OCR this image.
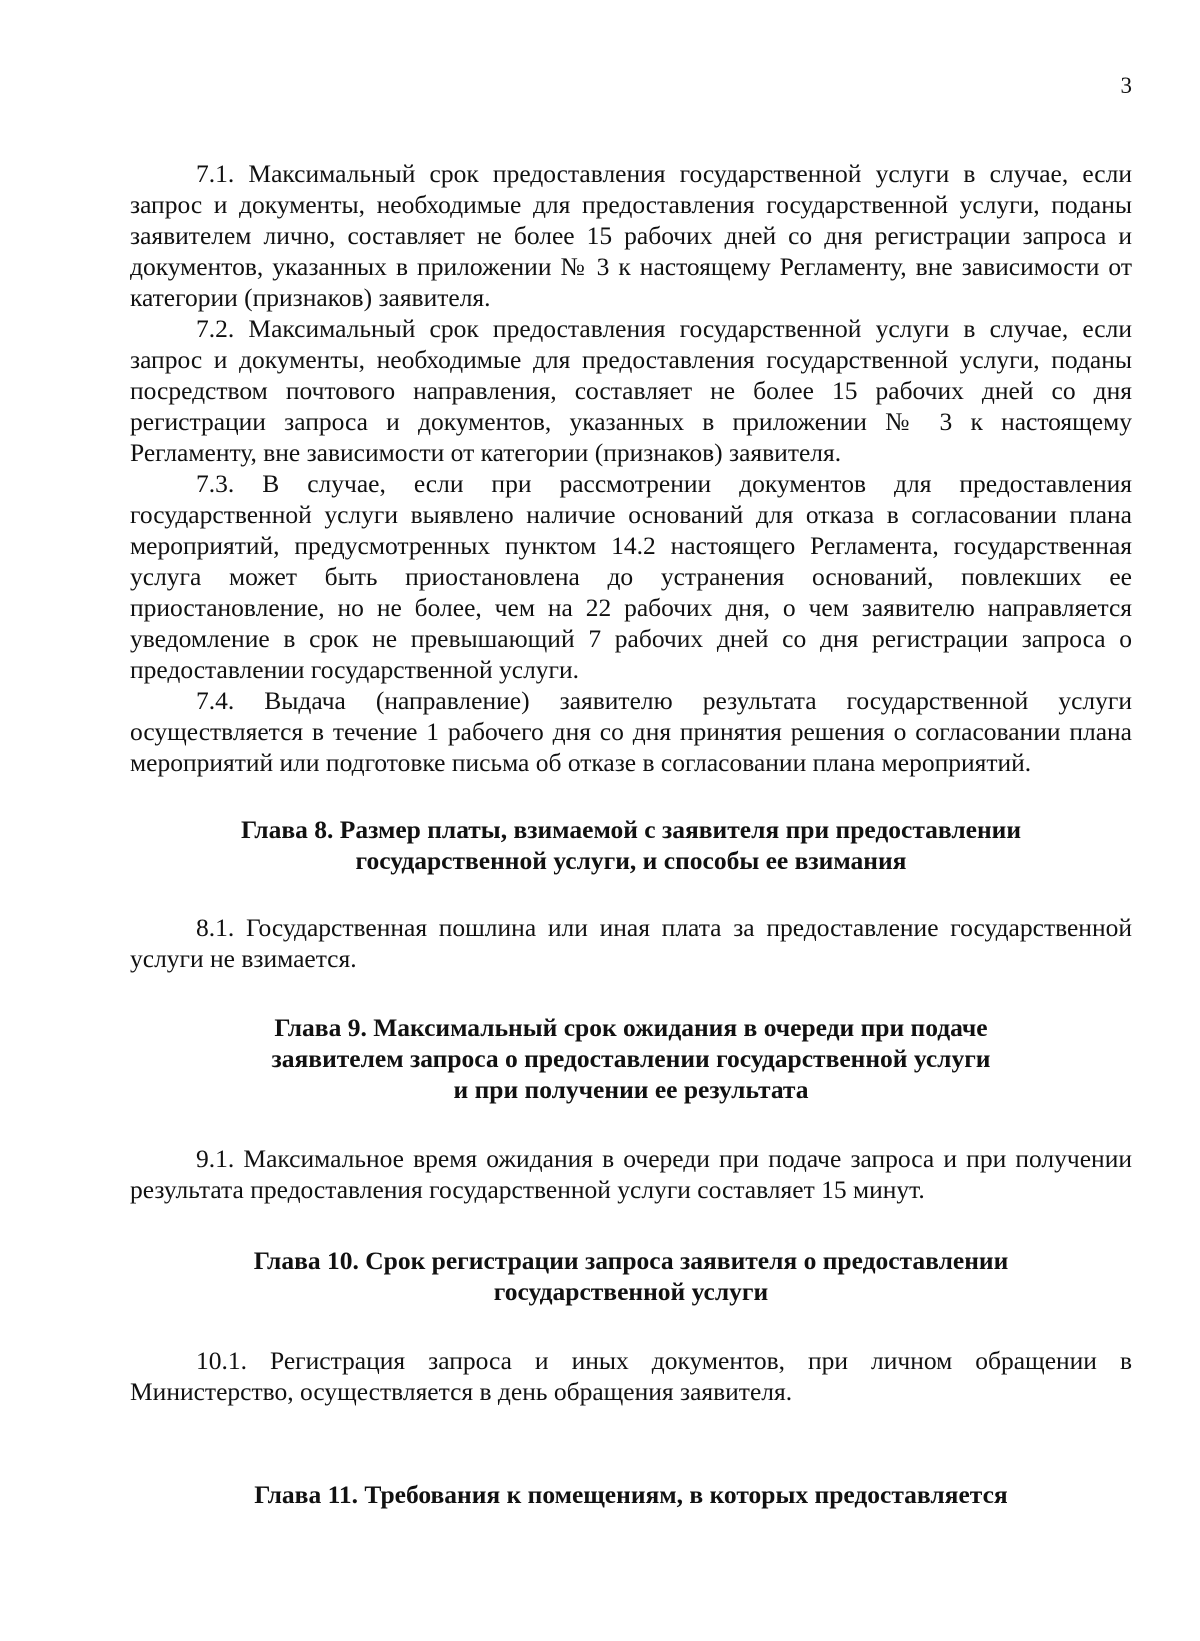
3

7.1. Максимальный срок предоставления государственной услуги в случае, если запрос и документы, необходимые для предоставления государственной услуги, поданы заявителем лично, составляет не более 15 рабочих дней со дня регистрации запроса и документов, указанных в приложении № 3 к настоящему Регламенту, вне зависимости от категории (признаков) заявителя.

7.2. Максимальный срок предоставления государственной услуги в случае, если запрос и документы, необходимые для предоставления государственной услуги, поданы посредством почтового направления, составляет не более 15 рабочих дней со дня регистрации запроса и документов, указанных в приложении № 3 к настоящему Регламенту, вне зависимости от категории (признаков) заявителя.

7.3. В случае, если при рассмотрении документов для предоставления государственной услуги выявлено наличие оснований для отказа в согласовании плана мероприятий, предусмотренных пунктом 14.2 настоящего Регламента, государственная услуга может быть приостановлена до устранения оснований, повлекших ее приостановление, но не более, чем на 22 рабочих дня, о чем заявителю направляется уведомление в срок не превышающий 7 рабочих дней со дня регистрации запроса о предоставлении государственной услуги.

7.4. Выдача (направление) заявителю результата государственной услуги осуществляется в течение 1 рабочего дня со дня принятия решения о согласовании плана мероприятий или подготовке письма об отказе в согласовании плана мероприятий.

Глава 8. Размер платы, взимаемой с заявителя при предоставлении
государственной услуги, и способы ее взимания

8.1. Государственная пошлина или иная плата за предоставление государственной услуги не взимается.

Глава 9. Максимальный срок ожидания в очереди при подаче
заявителем запроса о предоставлении государственной услуги
и при получении ее результата

9.1. Максимальное время ожидания в очереди при подаче запроса и при получении результата предоставления государственной услуги составляет 15 минут.

Глава 10. Срок регистрации запроса заявителя о предоставлении
государственной услуги

10.1. Регистрация запроса и иных документов, при личном обращении в Министерство, осуществляется в день обращения заявителя.

Глава 11. Требования к помещениям, в которых предоставляется
